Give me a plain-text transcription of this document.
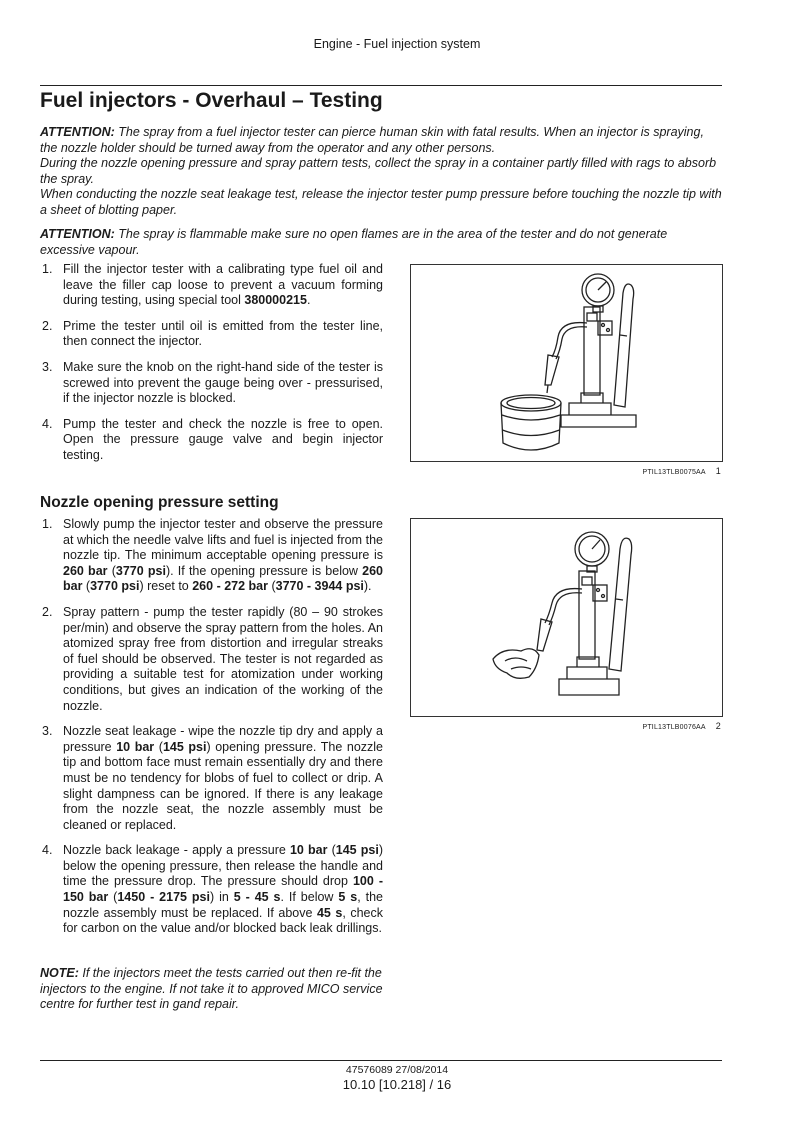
Engine - Fuel injection system
Fuel injectors - Overhaul – Testing

ATTENTION: The spray from a fuel injector tester can pierce human skin with fatal results. When an injector is spraying, the nozzle holder should be turned away from the operator and any other persons.
During the nozzle opening pressure and spray pattern tests, collect the spray in a container partly filled with rags to absorb the spray.
When conducting the nozzle seat leakage test, release the injector tester pump pressure before touching the nozzle tip with a sheet of blotting paper.

ATTENTION: The spray is flammable make sure no open flames are in the area of the tester and do not generate excessive vapour.

1. Fill the injector tester with a calibrating type fuel oil and leave the filler cap loose to prevent a vacuum forming during testing, using special tool 380000215.
2. Prime the tester until oil is emitted from the tester line, then connect the injector.
3. Make sure the knob on the right-hand side of the tester is screwed into prevent the gauge being over - pressurised, if the injector nozzle is blocked.
4. Pump the tester and check the nozzle is free to open. Open the pressure gauge valve and begin injector testing.
PTIL13TLB0075AA 1
Nozzle opening pressure setting
1. Slowly pump the injector tester and observe the pressure at which the needle valve lifts and fuel is injected from the nozzle tip. The minimum acceptable opening pressure is 260 bar (3770 psi). If the opening pressure is below 260 bar (3770 psi) reset to 260 - 272 bar (3770 - 3944 psi).
2. Spray pattern - pump the tester rapidly (80 – 90 strokes per/min) and observe the spray pattern from the holes. An atomized spray free from distortion and irregular streaks of fuel should be observed. The tester is not regarded as providing a suitable test for atomization under working conditions, but gives an indication of the working of the nozzle.
3. Nozzle seat leakage - wipe the nozzle tip dry and apply a pressure 10 bar (145 psi) opening pressure. The nozzle tip and bottom face must remain essentially dry and there must be no tendency for blobs of fuel to collect or drip. A slight dampness can be ignored. If there is any leakage from the nozzle seat, the nozzle assembly must be cleaned or replaced.
4. Nozzle back leakage - apply a pressure 10 bar (145 psi) below the opening pressure, then release the handle and time the pressure drop. The pressure should drop 100 - 150 bar (1450 - 2175 psi) in 5 - 45 s. If below 5 s, the nozzle assembly must be replaced. If above 45 s, check for carbon on the value and/or blocked back leak drillings.
PTIL13TLB0076AA 2

NOTE: If the injectors meet the tests carried out then re-fit the injectors to the engine. If not take it to approved MICO service centre for further test in gand repair.

47576089 27/08/2014
10.10 [10.218] / 16
